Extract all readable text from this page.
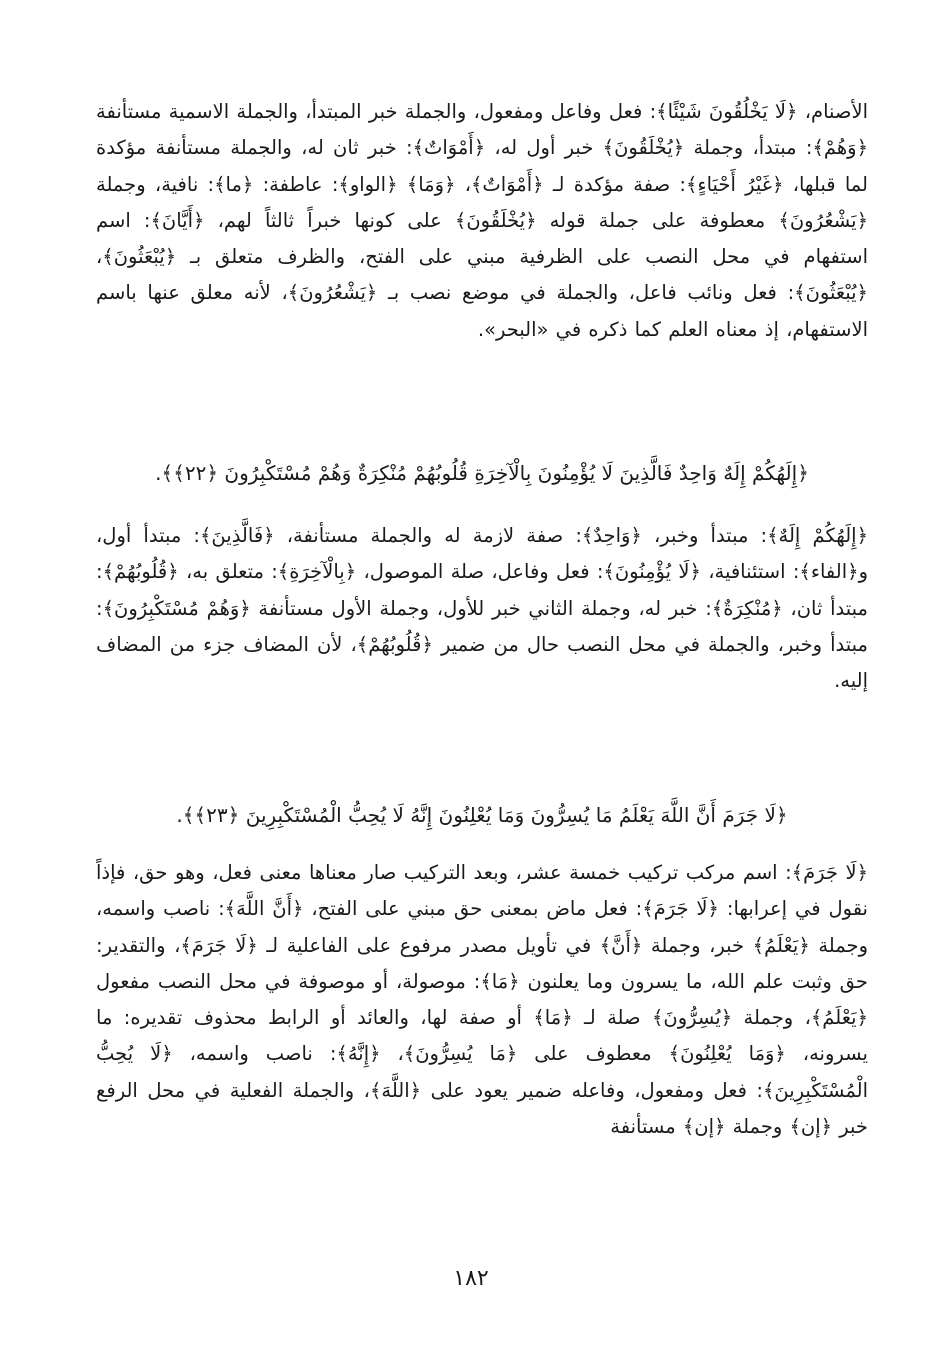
الأصنام، ﴿لَا يَخْلُقُونَ شَيْئًا﴾: فعل وفاعل ومفعول، والجملة خبر المبتدأ، والجملة الاسمية مستأنفة ﴿وَهُمْ﴾: مبتدأ، وجملة ﴿يُخْلَقُونَ﴾ خبر أول له، ﴿أَمْوَاتٌ﴾: خبر ثان له، والجملة مستأنفة مؤكدة لما قبلها، ﴿غَيْرُ أَحْيَاءٍ﴾: صفة مؤكدة لـ ﴿أَمْوَاتٌ﴾، ﴿وَمَا﴾ ﴿الواو﴾: عاطفة: ﴿ما﴾: نافية، وجملة ﴿يَشْعُرُونَ﴾ معطوفة على جملة قوله ﴿يُخْلَقُونَ﴾ على كونها خبراً ثالثاً لهم، ﴿أَيَّانَ﴾: اسم استفهام في محل النصب على الظرفية مبني على الفتح، والظرف متعلق بـ ﴿يُبْعَثُونَ﴾، ﴿يُبْعَثُونَ﴾: فعل ونائب فاعل، والجملة في موضع نصب بـ ﴿يَشْعُرُونَ﴾، لأنه معلق عنها باسم الاستفهام، إذ معناه العلم كما ذكره في «البحر».

﴿إِلَهُكُمْ إِلَهٌ وَاحِدٌ فَالَّذِينَ لَا يُؤْمِنُونَ بِالْآخِرَةِ قُلُوبُهُمْ مُنْكِرَةٌ وَهُمْ مُسْتَكْبِرُونَ ﴿٢٢﴾﴾.

﴿إِلَهُكُمْ إِلَهٌ﴾: مبتدأ وخبر، ﴿وَاحِدٌ﴾: صفة لازمة له والجملة مستأنفة، ﴿فَالَّذِينَ﴾: مبتدأ أول، و﴿الفاء﴾: استئنافية، ﴿لَا يُؤْمِنُونَ﴾: فعل وفاعل، صلة الموصول، ﴿بِالْآخِرَةِ﴾: متعلق به، ﴿قُلُوبُهُمْ﴾: مبتدأ ثان، ﴿مُنْكِرَةٌ﴾: خبر له، وجملة الثاني خبر للأول، وجملة الأول مستأنفة ﴿وَهُمْ مُسْتَكْبِرُونَ﴾: مبتدأ وخبر، والجملة في محل النصب حال من ضمير ﴿قُلُوبُهُمْ﴾، لأن المضاف جزء من المضاف إليه.

﴿لَا جَرَمَ أَنَّ اللَّهَ يَعْلَمُ مَا يُسِرُّونَ وَمَا يُعْلِنُونَ إِنَّهُ لَا يُحِبُّ الْمُسْتَكْبِرِينَ ﴿٢٣﴾﴾.

﴿لَا جَرَمَ﴾: اسم مركب تركيب خمسة عشر، وبعد التركيب صار معناها معنى فعل، وهو حق، فإذاً نقول في إعرابها: ﴿لَا جَرَمَ﴾: فعل ماض بمعنى حق مبني على الفتح، ﴿أَنَّ اللَّهَ﴾: ناصب واسمه، وجملة ﴿يَعْلَمُ﴾ خبر، وجملة ﴿أَنَّ﴾ في تأويل مصدر مرفوع على الفاعلية لـ ﴿لَا جَرَمَ﴾، والتقدير: حق وثبت علم الله، ما يسرون وما يعلنون ﴿مَا﴾: موصولة، أو موصوفة في محل النصب مفعول ﴿يَعْلَمُ﴾، وجملة ﴿يُسِرُّونَ﴾ صلة لـ ﴿مَا﴾ أو صفة لها، والعائد أو الرابط محذوف تقديره: ما يسرونه، ﴿وَمَا يُعْلِنُونَ﴾ معطوف على ﴿مَا يُسِرُّونَ﴾، ﴿إِنَّهُ﴾: ناصب واسمه، ﴿لَا يُحِبُّ الْمُسْتَكْبِرِينَ﴾: فعل ومفعول، وفاعله ضمير يعود على ﴿اللَّهَ﴾، والجملة الفعلية في محل الرفع خبر ﴿إن﴾ وجملة ﴿إن﴾ مستأنفة

١٨٢
